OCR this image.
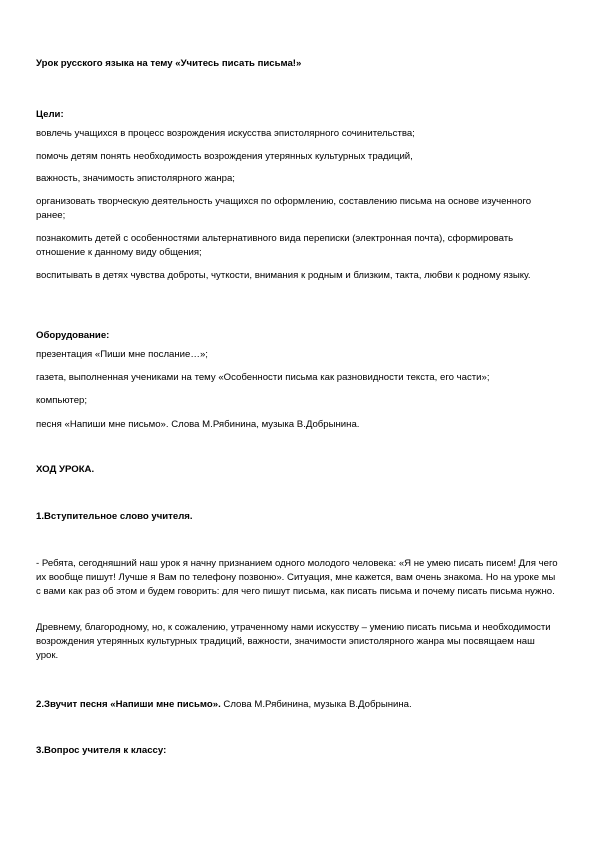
Урок русского языка на тему «Учитесь писать письма!»

Цели:

вовлечь учащихся в процесс возрождения искусства эпистолярного сочинительства;

помочь детям понять необходимость возрождения утерянных культурных традиций,

важность, значимость эпистолярного жанра;

организовать творческую деятельность учащихся по оформлению, составлению письма на основе изученного ранее;

познакомить детей с особенностями альтернативного вида переписки (электронная почта), сформировать отношение к данному виду общения;

воспитывать в детях чувства доброты, чуткости, внимания к родным и близким, такта, любви к родному языку.

Оборудование:

презентация «Пиши мне послание…»;

газета, выполненная учениками на тему «Особенности письма как разновидности текста, его части»;

компьютер;

песня «Напиши мне письмо». Слова М.Рябинина, музыка В.Добрынина.

ХОД УРОКА.

1.Вступительное слово учителя.

- Ребята, сегодняшний наш урок я начну признанием одного молодого человека: «Я не умею писать писем! Для чего их вообще пишут! Лучше я Вам по телефону позвоню». Ситуация, мне кажется, вам очень знакома. Но на уроке мы с вами как раз об этом и будем говорить: для чего пишут письма, как писать письма и почему писать письма нужно.

Древнему, благородному, но, к сожалению, утраченному нами искусству – умению писать письма и необходимости возрождения утерянных культурных традиций, важности, значимости эпистолярного жанра мы посвящаем наш урок.

2.Звучит песня «Напиши мне письмо». Слова М.Рябинина, музыка В.Добрынина.

3.Вопрос учителя к классу:
